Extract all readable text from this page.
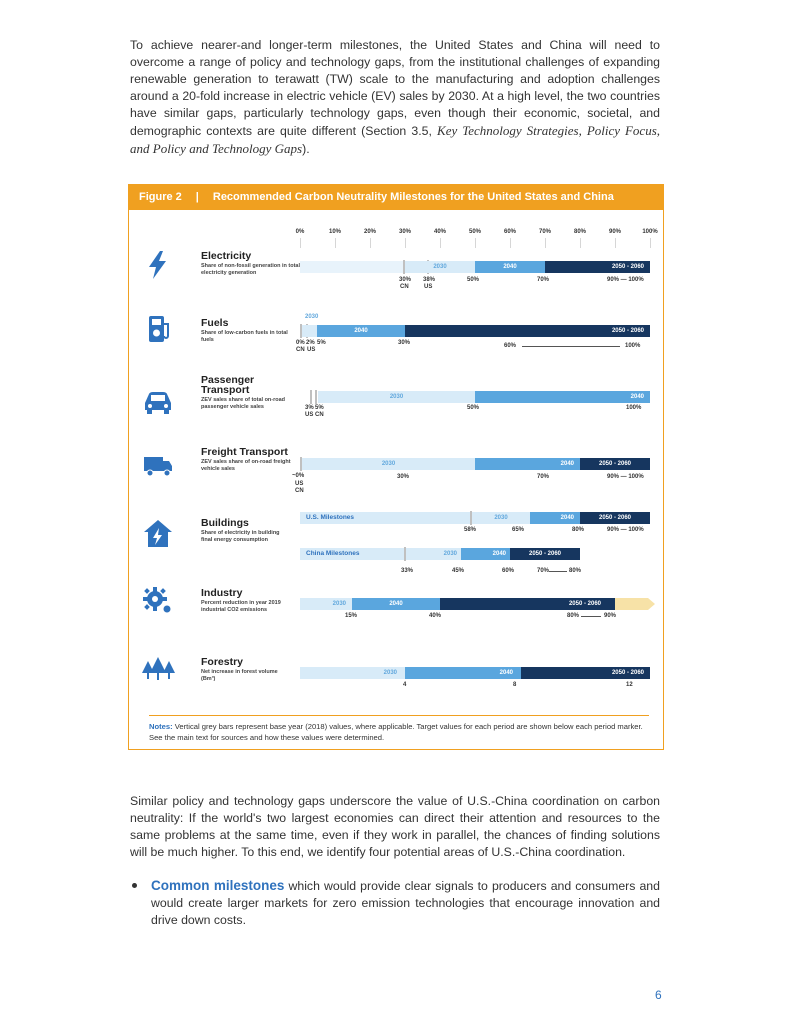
To achieve nearer-and longer-term milestones, the United States and China will need to overcome a range of policy and technology gaps, from the institutional challenges of expanding renewable generation to terawatt (TW) scale to the manufacturing and adoption challenges around a 20-fold increase in electric vehicle (EV) sales by 2030. At a high level, the two countries have similar gaps, particularly technology gaps, even though their economic, societal, and demographic contexts are quite different (Section 3.5, Key Technology Strategies, Policy Focus, and Policy and Technology Gaps).

Figure 2 | Recommended Carbon Neutrality Milestones for the United States and China
0%	10%	20%	30%	40%	50%	60%	70%	80%	90%	100%
Electricity
Share of non-fossil generation in total electricity generation
2030	2040	2050 - 2060
30%
CN
38%
US
50%	70%	90% — 100%
Fuels
Share of low-carbon fuels in total fuels
2030
2040	2050 - 2060
0%
CN
2%
US
5%	30%	60%	100%
Passenger Transport
ZEV sales share of total on-road passenger vehicle sales
2030	2040
3%
US
5%
CN
50%	100%
Freight Transport
ZEV sales share of on-road freight vehicle sales
2030	2040	2050 - 2060
~0%
US
CN
30%	70%	90% — 100%
Buildings
Share of electricity in building final energy consumption
U.S. Milestones	2030	2040	2050 - 2060
58%	65%	80%	90% — 100%
China Milestones	2030	2040	2050 - 2060
33%	45%	60%	70%	80%
Industry
Percent reduction in year 2019 industrial CO2 emissions
2030	2040	2050 - 2060
15%	40%	80%	90%
Forestry
Net increase in forest volume (Bm³)
2030	2040	2050 - 2060
4	8	12
Notes: Vertical grey bars represent base year (2018) values, where applicable. Target values for each period are shown below each period marker. See the main text for sources and how these values were determined.

Similar policy and technology gaps underscore the value of U.S.-China coordination on carbon neutrality: If the world's two largest economies can direct their attention and resources to the same problems at the same time, even if they work in parallel, the chances of finding solutions will be much higher. To this end, we identify four potential areas of U.S.-China coordination.

Common milestones which would provide clear signals to producers and consumers and would create larger markets for zero emission technologies that encourage innovation and drive down costs.
6
